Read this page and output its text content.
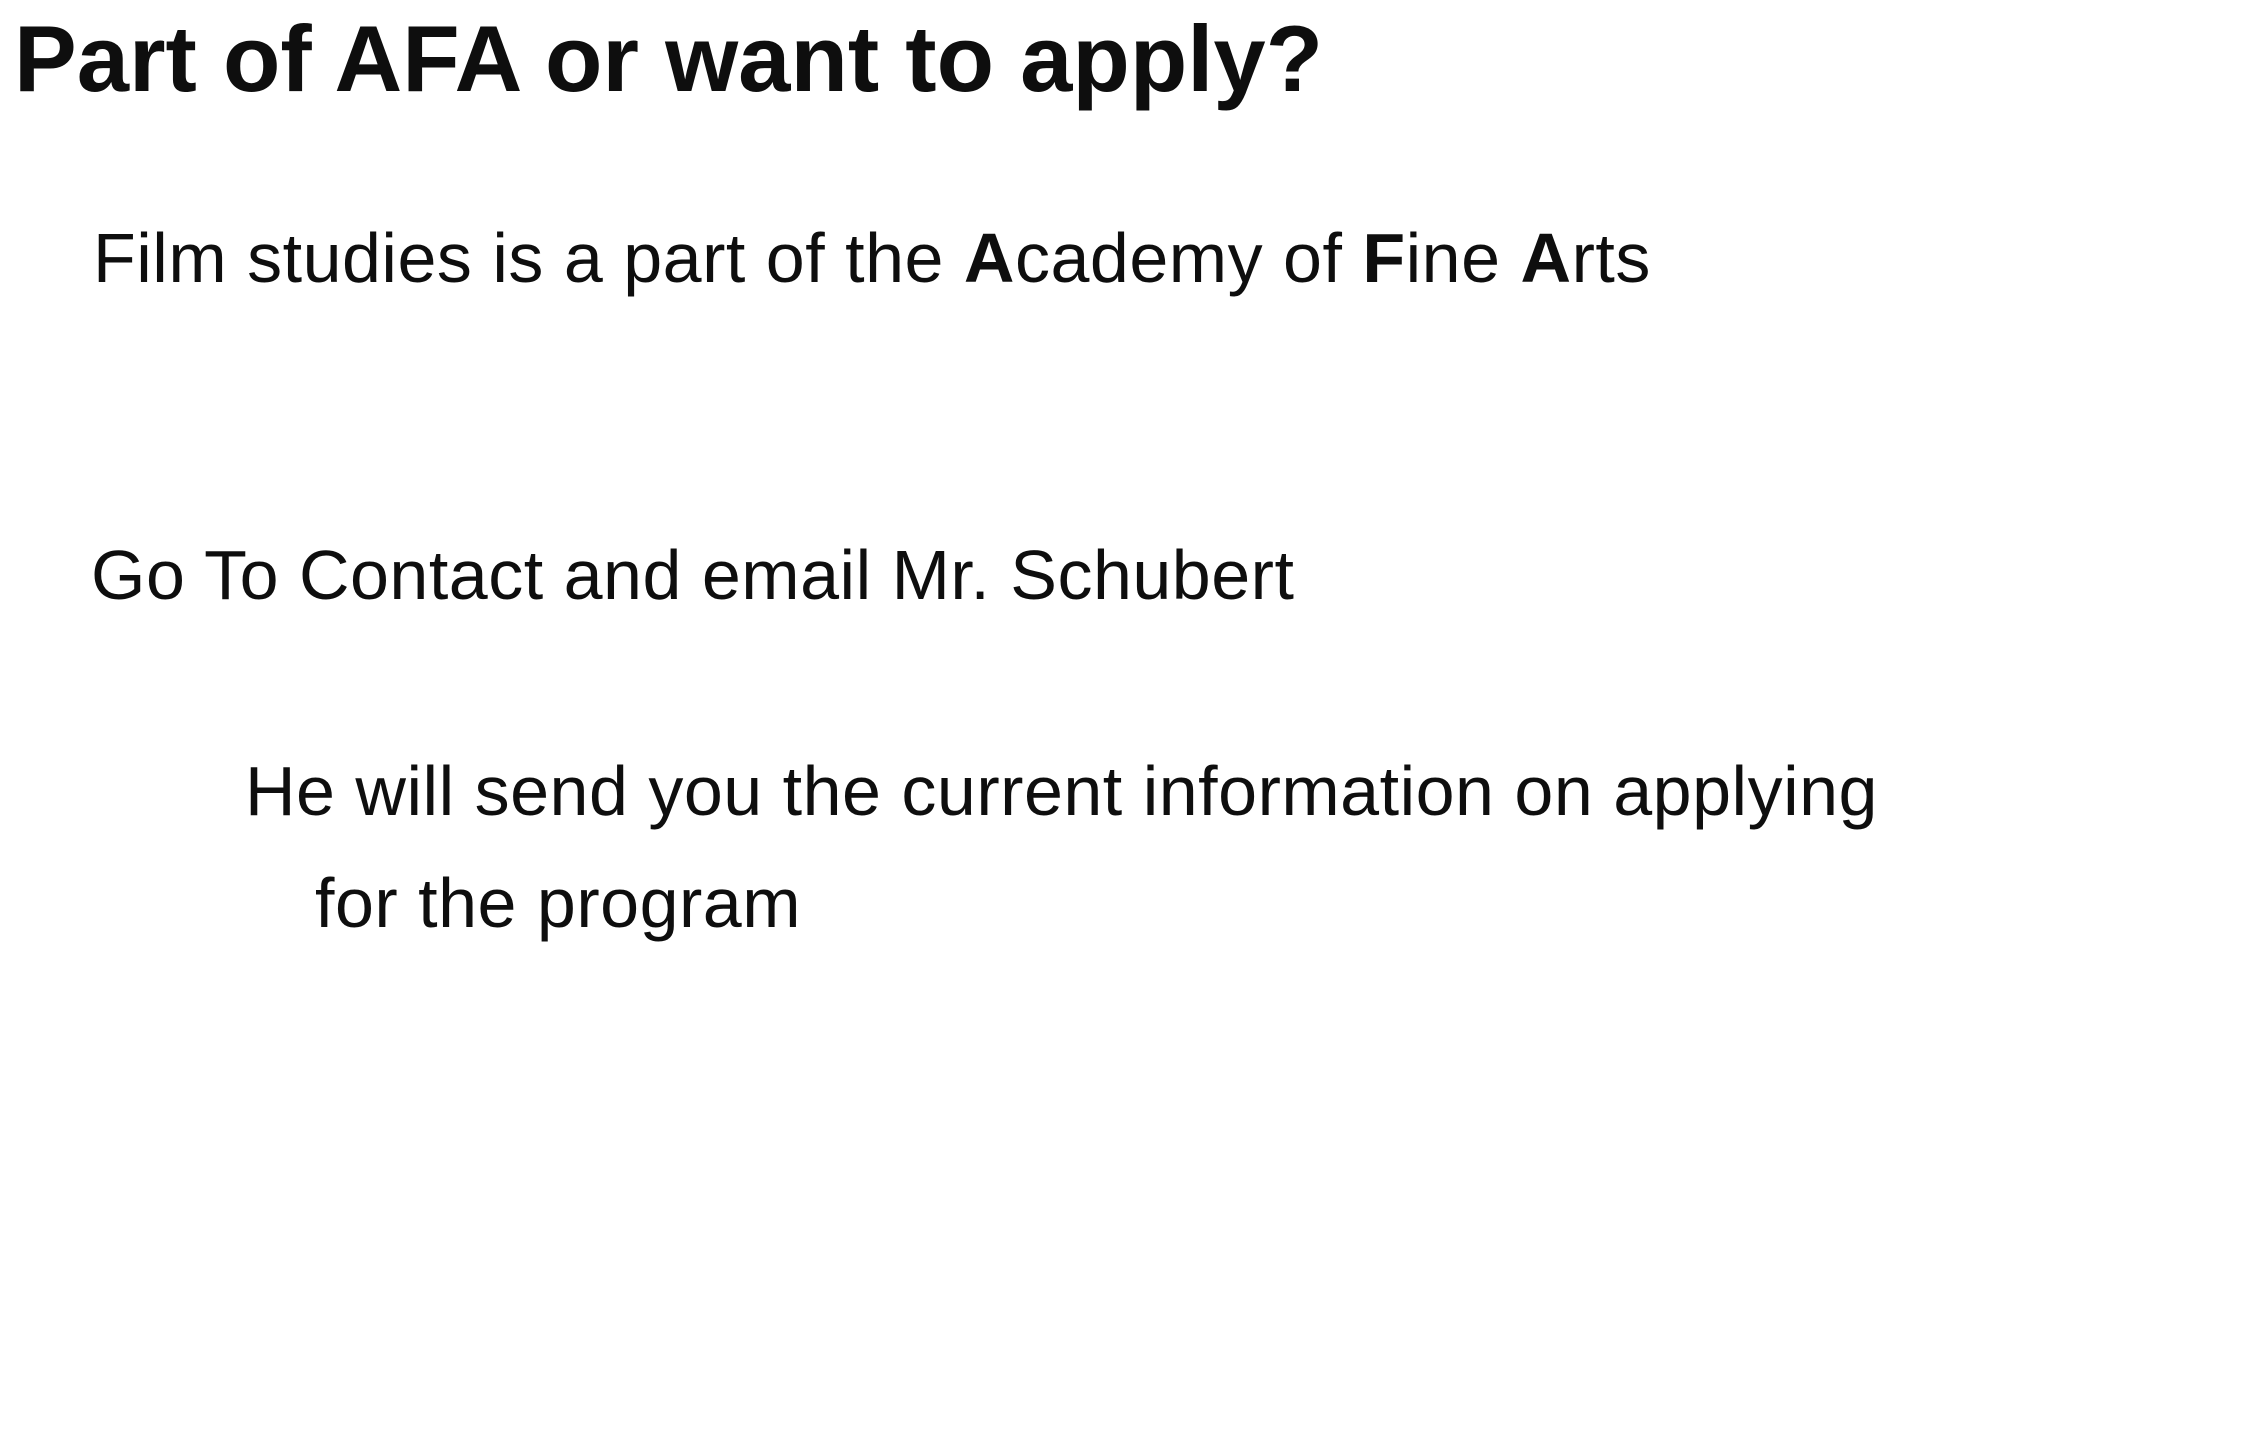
Part of AFA or want to apply?

Film studies is a part of the Academy of Fine Arts

Go To Contact and email Mr. Schubert

He will send you the current information on applying
for the program
